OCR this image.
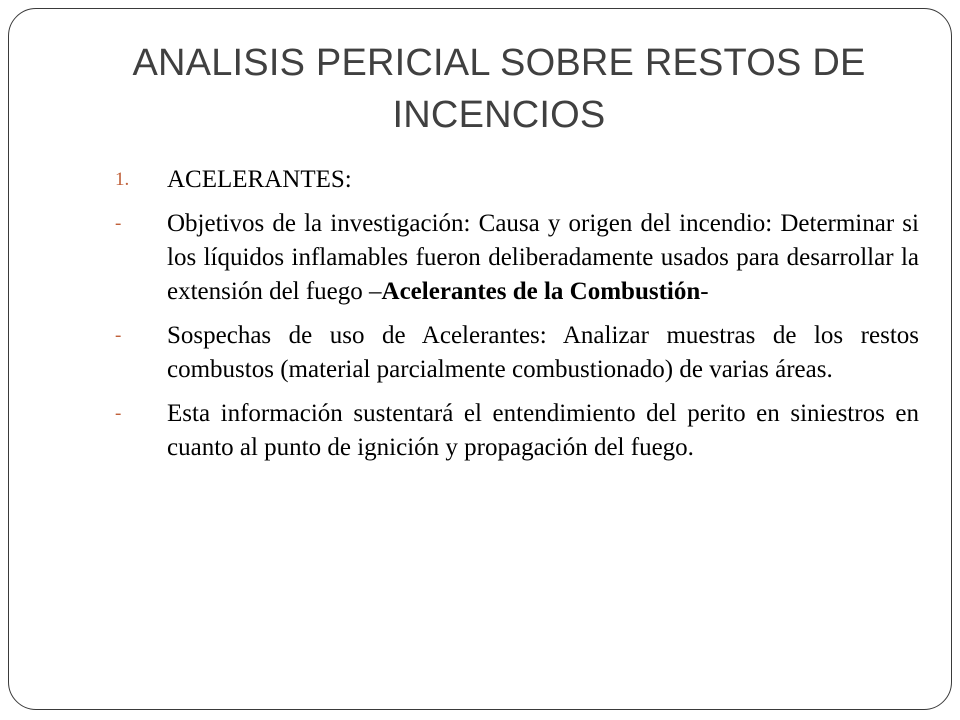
ANALISIS PERICIAL SOBRE RESTOS DE
INCENCIOS
1. ACELERANTES:
- Objetivos de la investigación: Causa y origen del incendio: Determinar si los líquidos inflamables fueron deliberadamente usados para desarrollar la extensión del fuego –Acelerantes de la Combustión-
- Sospechas de uso de Acelerantes: Analizar muestras de los restos combustos (material parcialmente combustionado) de varias áreas.
- Esta información sustentará el entendimiento del perito en siniestros en cuanto al punto de ignición y propagación del fuego.
